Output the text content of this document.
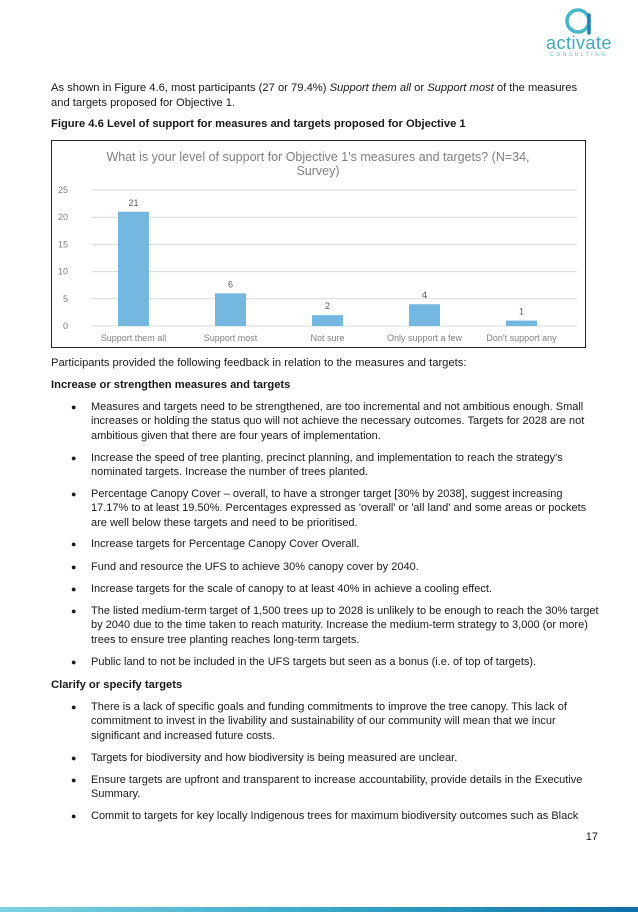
activate
CONSULTING
As shown in Figure 4.6, most participants (27 or 79.4%) Support them all or Support most of the measures and targets proposed for Objective 1.
Figure 4.6 Level of support for measures and targets proposed for Objective 1
What is your level of support for Objective 1's measures and targets? (N=34,
Survey)
0
5
10
15
20
25
21
6
2
4
1
Support them all	Support most	Not sure	Only support a few	Don't support any
Participants provided the following feedback in relation to the measures and targets:
Increase or strengthen measures and targets
● Measures and targets need to be strengthened, are too incremental and not ambitious enough. Small increases or holding the status quo will not achieve the necessary outcomes. Targets for 2028 are not ambitious given that there are four years of implementation.
● Increase the speed of tree planting, precinct planning, and implementation to reach the strategy's nominated targets. Increase the number of trees planted.
● Percentage Canopy Cover – overall, to have a stronger target [30% by 2038], suggest increasing 17.17% to at least 19.50%. Percentages expressed as 'overall' or 'all land' and some areas or pockets are well below these targets and need to be prioritised.
● Increase targets for Percentage Canopy Cover Overall.
● Fund and resource the UFS to achieve 30% canopy cover by 2040.
● Increase targets for the scale of canopy to at least 40% in achieve a cooling effect.
● The listed medium-term target of 1,500 trees up to 2028 is unlikely to be enough to reach the 30% target by 2040 due to the time taken to reach maturity. Increase the medium-term strategy to 3,000 (or more) trees to ensure tree planting reaches long-term targets.
● Public land to not be included in the UFS targets but seen as a bonus (i.e. of top of targets).
Clarify or specify targets
● There is a lack of specific goals and funding commitments to improve the tree canopy. This lack of commitment to invest in the livability and sustainability of our community will mean that we incur significant and increased future costs.
● Targets for biodiversity and how biodiversity is being measured are unclear.
● Ensure targets are upfront and transparent to increase accountability, provide details in the Executive Summary.
● Commit to targets for key locally Indigenous trees for maximum biodiversity outcomes such as Black
17
